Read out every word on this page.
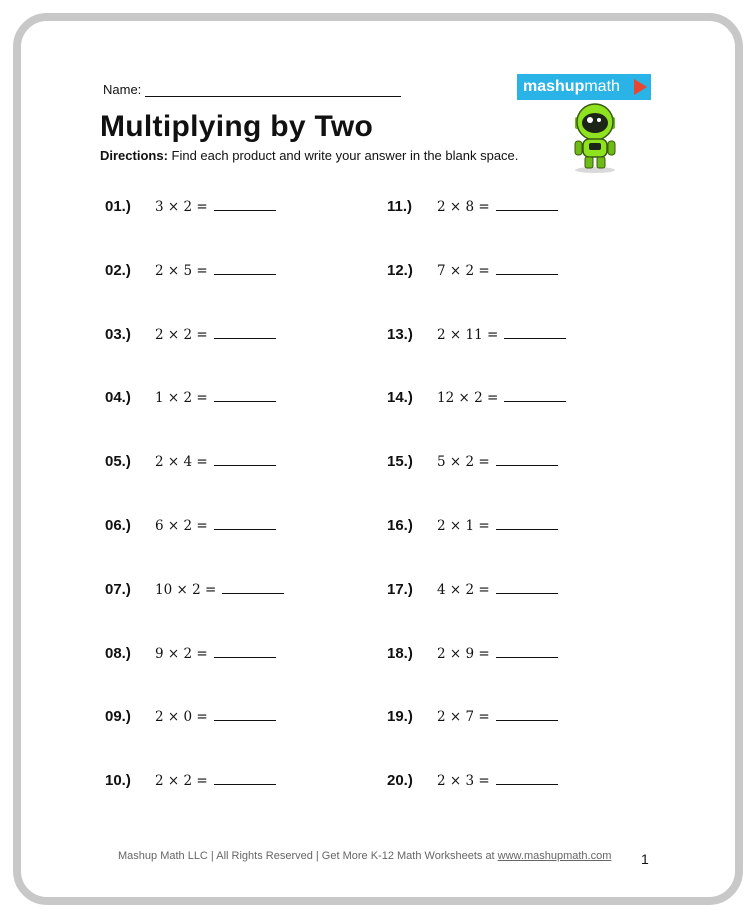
Name:
Multiplying by Two
Directions: Find each product and write your answer in the blank space.
mashup math
01.)	3 × 2 =
02.)	2 × 5 =
03.)	2 × 2 =
04.)	1 × 2 =
05.)	2 × 4 =
06.)	6 × 2 =
07.)	10 × 2 =
08.)	9 × 2 =
09.)	2 × 0 =
10.)	2 × 2 =
11.)	2 × 8 =
12.)	7 × 2 =
13.)	2 × 11 =
14.)	12 × 2 =
15.)	5 × 2 =
16.)	2 × 1 =
17.)	4 × 2 =
18.)	2 × 9 =
19.)	2 × 7 =
20.)	2 × 3 =
Mashup Math LLC | All Rights Reserved | Get More K-12 Math Worksheets at www.mashupmath.com 1
